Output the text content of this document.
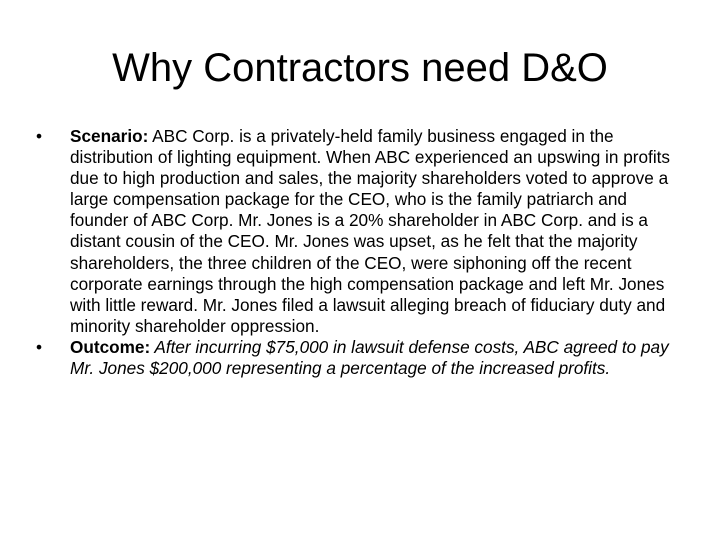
Why Contractors need D&O
•	Scenario: ABC Corp. is a privately-held family business engaged in the distribution of lighting equipment. When ABC experienced an upswing in profits due to high production and sales, the majority shareholders voted to approve a large compensation package for the CEO, who is the family patriarch and founder of ABC Corp. Mr. Jones is a 20% shareholder in ABC Corp. and is a distant cousin of the CEO. Mr. Jones was upset, as he felt that the majority shareholders, the three children of the CEO, were siphoning off the recent corporate earnings through the high compensation package and left Mr. Jones with little reward. Mr. Jones filed a lawsuit alleging breach of fiduciary duty and minority shareholder oppression.
•	Outcome: After incurring $75,000 in lawsuit defense costs, ABC agreed to pay Mr. Jones $200,000 representing a percentage of the increased profits.
